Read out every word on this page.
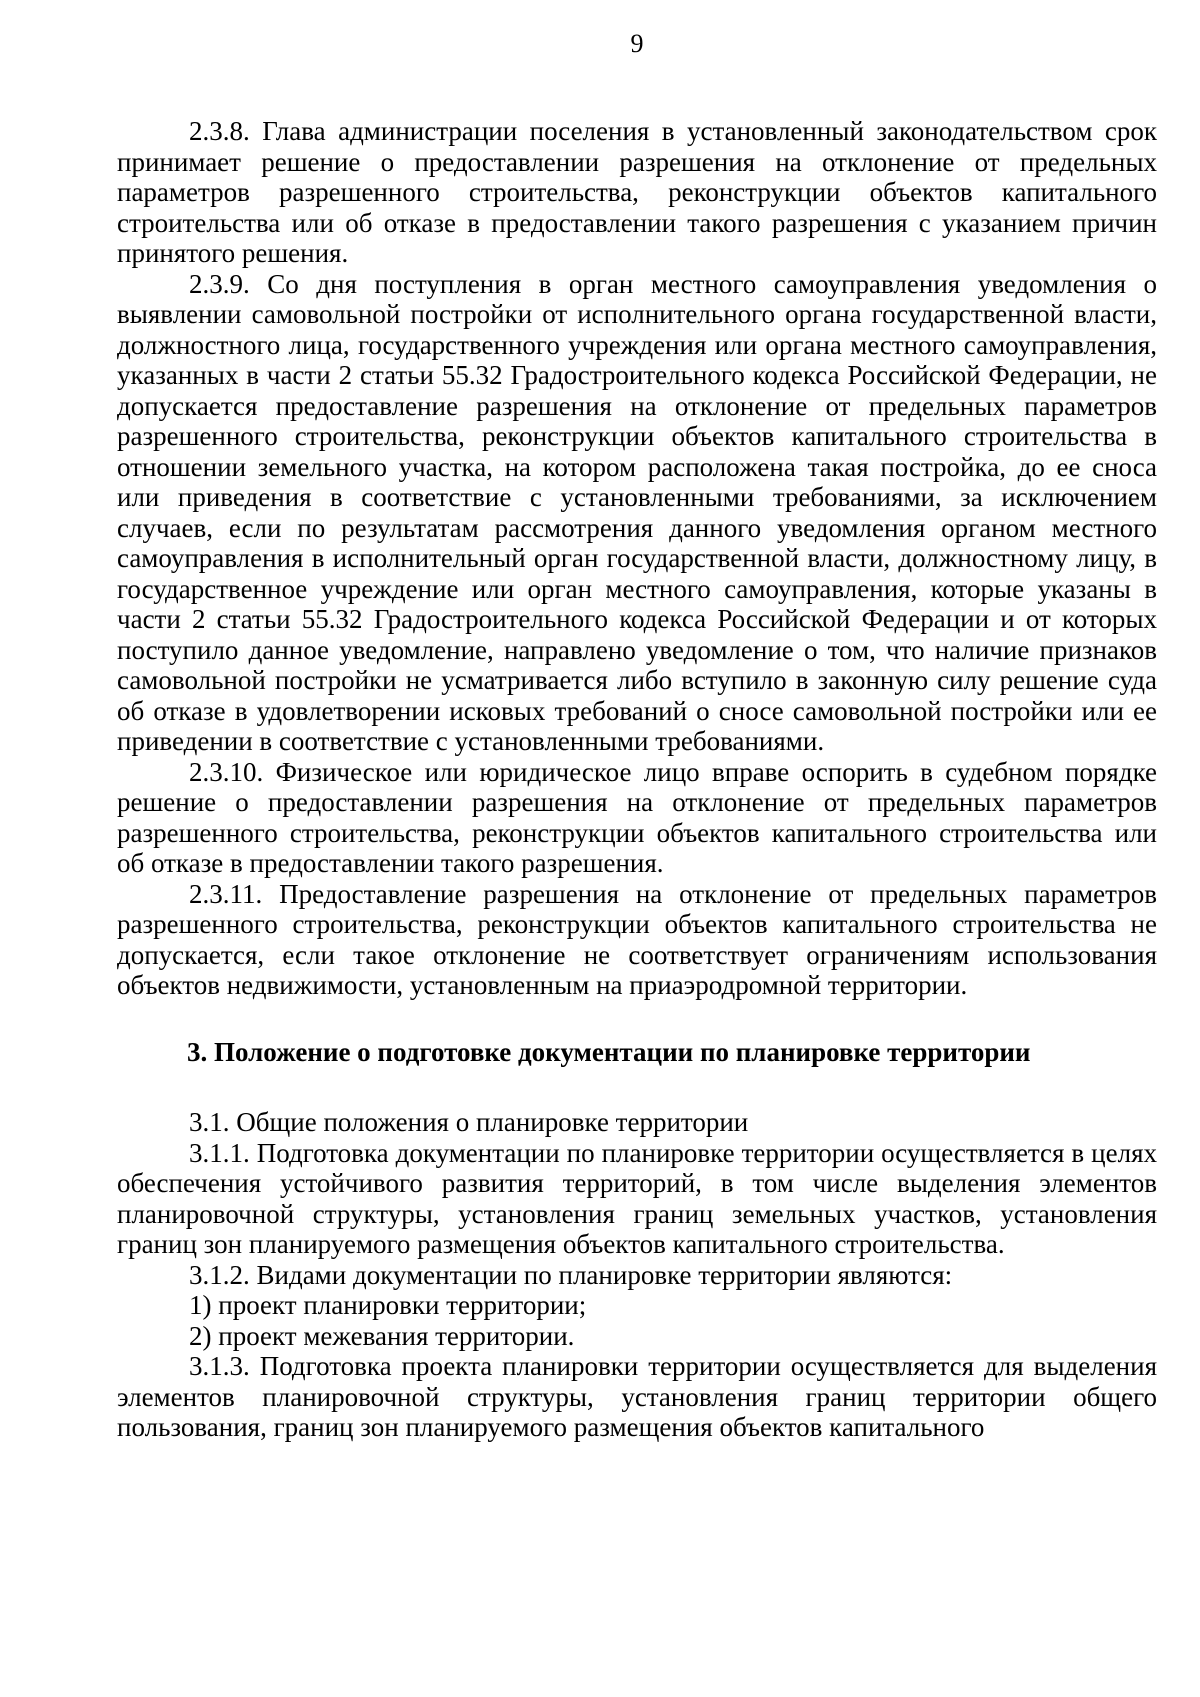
9

2.3.8. Глава администрации поселения в установленный законодательством срок принимает решение о предоставлении разрешения на отклонение от предельных параметров разрешенного строительства, реконструкции объектов капитального строительства или об отказе в предоставлении такого разрешения с указанием причин принятого решения.

2.3.9. Со дня поступления в орган местного самоуправления уведомления о выявлении самовольной постройки от исполнительного органа государственной власти, должностного лица, государственного учреждения или органа местного самоуправления, указанных в части 2 статьи 55.32 Градостроительного кодекса Российской Федерации, не допускается предоставление разрешения на отклонение от предельных параметров разрешенного строительства, реконструкции объектов капитального строительства в отношении земельного участка, на котором расположена такая постройка, до ее сноса или приведения в соответствие с установленными требованиями, за исключением случаев, если по результатам рассмотрения данного уведомления органом местного самоуправления в исполнительный орган государственной власти, должностному лицу, в государственное учреждение или орган местного самоуправления, которые указаны в части 2 статьи 55.32 Градостроительного кодекса Российской Федерации и от которых поступило данное уведомление, направлено уведомление о том, что наличие признаков самовольной постройки не усматривается либо вступило в законную силу решение суда об отказе в удовлетворении исковых требований о сносе самовольной постройки или ее приведении в соответствие с установленными требованиями.

2.3.10. Физическое или юридическое лицо вправе оспорить в судебном порядке решение о предоставлении разрешения на отклонение от предельных параметров разрешенного строительства, реконструкции объектов капитального строительства или об отказе в предоставлении такого разрешения.

2.3.11. Предоставление разрешения на отклонение от предельных параметров разрешенного строительства, реконструкции объектов капитального строительства не допускается, если такое отклонение не соответствует ограничениям использования объектов недвижимости, установленным на приаэродромной территории.

3. Положение о подготовке документации по планировке территории

3.1. Общие положения о планировке территории

3.1.1. Подготовка документации по планировке территории осуществляется в целях обеспечения устойчивого развития территорий, в том числе выделения элементов планировочной структуры, установления границ земельных участков, установления границ зон планируемого размещения объектов капитального строительства.

3.1.2. Видами документации по планировке территории являются:

1) проект планировки территории;

2) проект межевания территории.

3.1.3. Подготовка проекта планировки территории осуществляется для выделения элементов планировочной структуры, установления границ территории общего пользования, границ зон планируемого размещения объектов капитального
